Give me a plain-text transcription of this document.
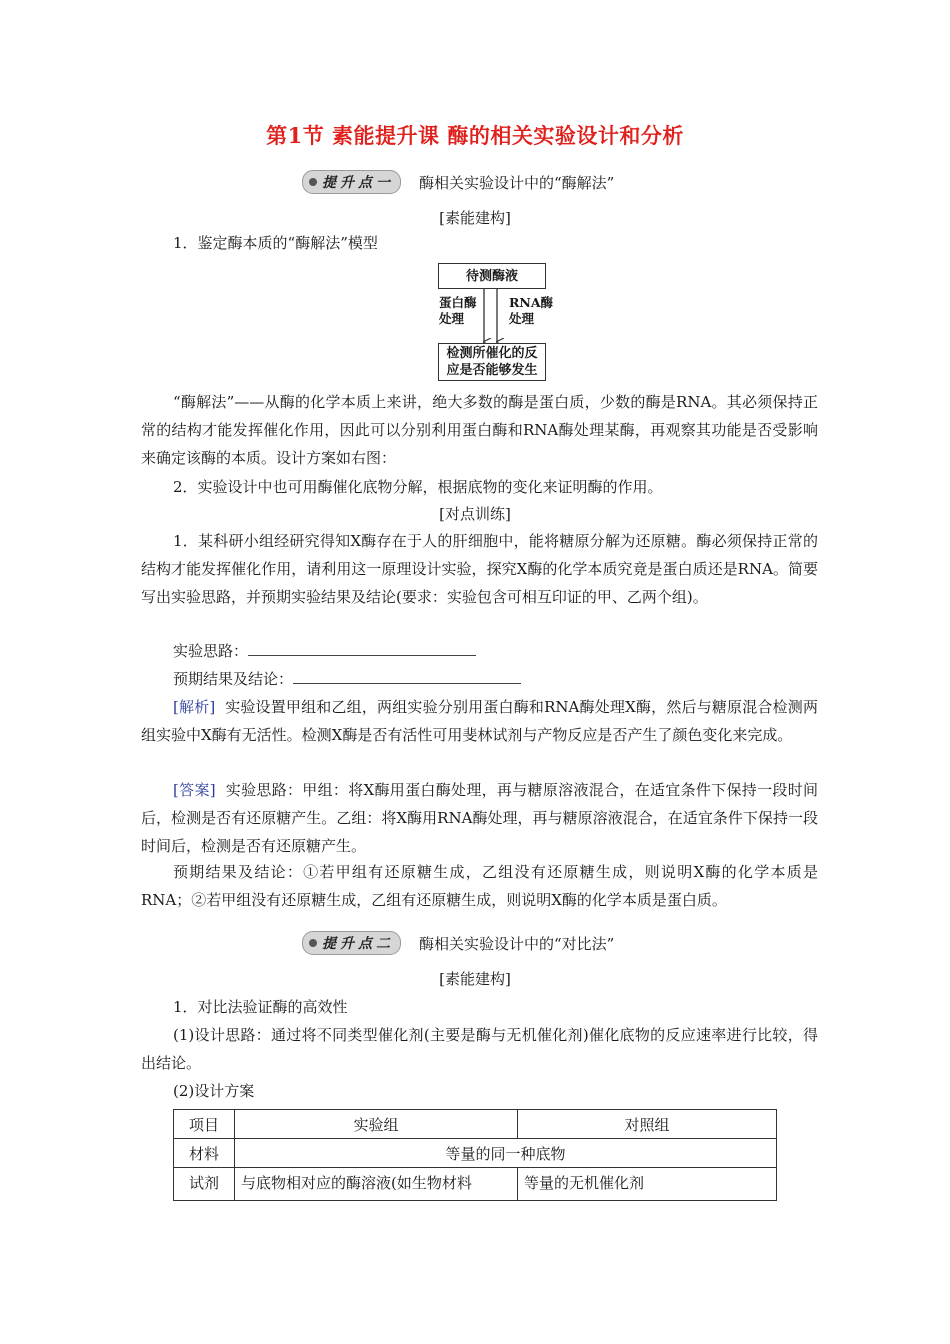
第1节 素能提升课 酶的相关实验设计和分析
提升点一 酶相关实验设计中的“酶解法”
[素能建构]
1．鉴定酶本质的“酶解法”模型
待测酶液
蛋白酶
处理
RNA酶
处理
检测所催化的反
应是否能够发生
“酶解法”——从酶的化学本质上来讲，绝大多数的酶是蛋白质，少数的酶是RNA。其必须保持正常的结构才能发挥催化作用，因此可以分别利用蛋白酶和RNA酶处理某酶，再观察其功能是否受影响来确定该酶的本质。设计方案如右图：
2．实验设计中也可用酶催化底物分解，根据底物的变化来证明酶的作用。
[对点训练]
1．某科研小组经研究得知X酶存在于人的肝细胞中，能将糖原分解为还原糖。酶必须保持正常的结构才能发挥催化作用，请利用这一原理设计实验，探究X酶的化学本质究竟是蛋白质还是RNA。简要写出实验思路，并预期实验结果及结论(要求：实验包含可相互印证的甲、乙两个组)。
实验思路：
预期结果及结论：
[解析] 实验设置甲组和乙组，两组实验分别用蛋白酶和RNA酶处理X酶，然后与糖原混合检测两组实验中X酶有无活性。检测X酶是否有活性可用斐林试剂与产物反应是否产生了颜色变化来完成。
[答案] 实验思路：甲组：将X酶用蛋白酶处理，再与糖原溶液混合，在适宜条件下保持一段时间后，检测是否有还原糖产生。乙组：将X酶用RNA酶处理，再与糖原溶液混合，在适宜条件下保持一段时间后，检测是否有还原糖产生。
预期结果及结论：①若甲组有还原糖生成，乙组没有还原糖生成，则说明X酶的化学本质是RNA；②若甲组没有还原糖生成，乙组有还原糖生成，则说明X酶的化学本质是蛋白质。
提升点二 酶相关实验设计中的“对比法”
[素能建构]
1．对比法验证酶的高效性
(1)设计思路：通过将不同类型催化剂(主要是酶与无机催化剂)催化底物的反应速率进行比较，得出结论。
(2)设计方案
项目	实验组	对照组
材料	等量的同一种底物	
试剂	与底物相对应的酶溶液(如生物材料	等量的无机催化剂
